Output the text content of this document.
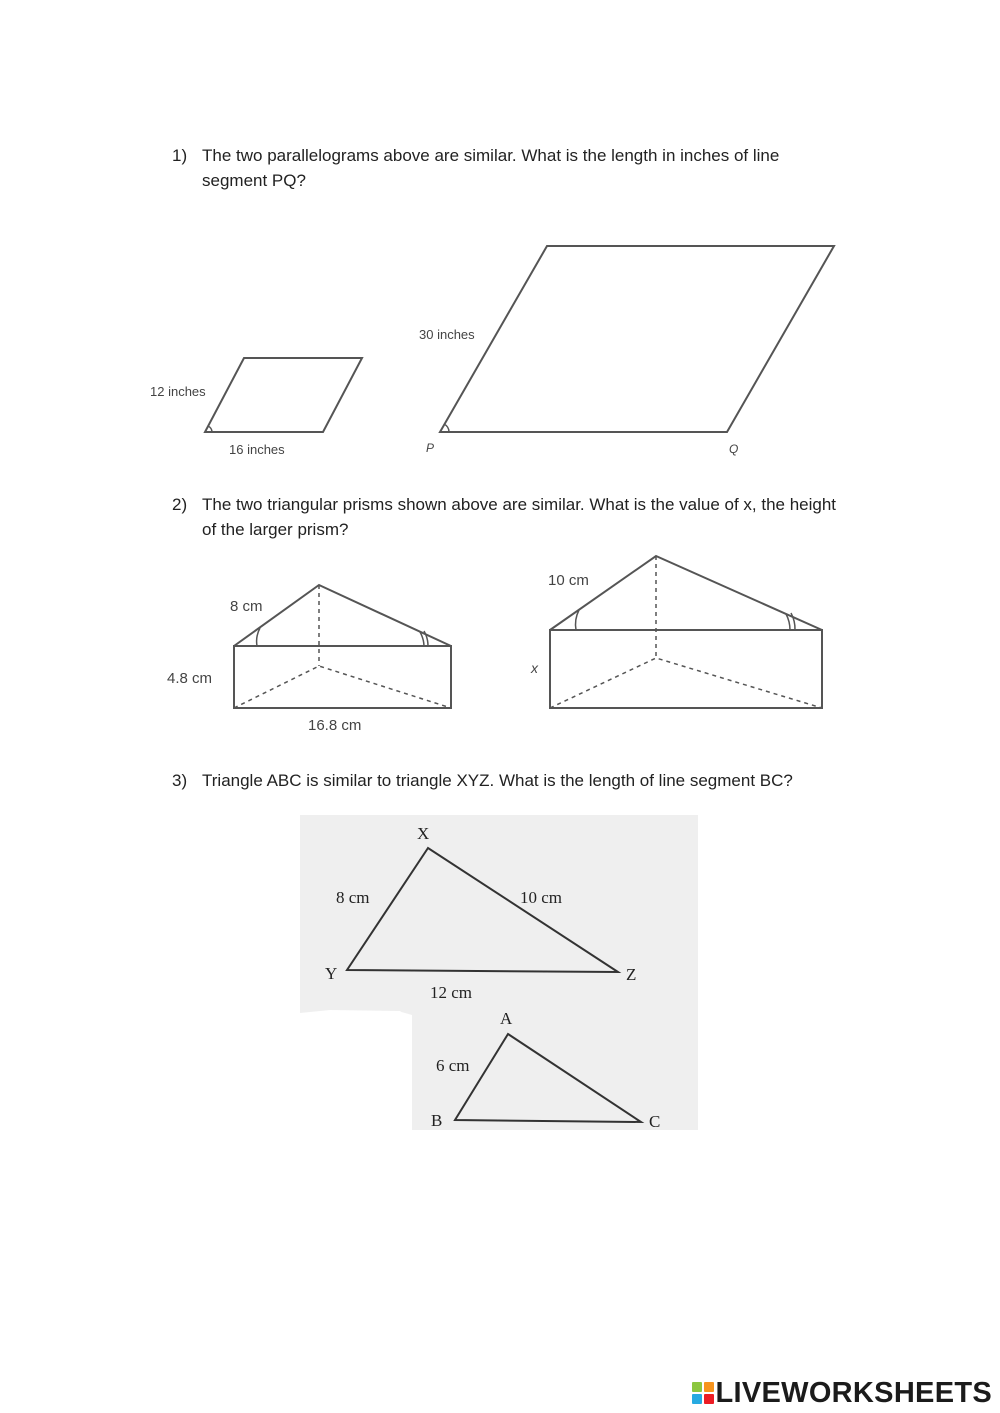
1) The two parallelograms above are similar. What is the length in inches of line segment PQ?
12 inches
16 inches
30 inches
P	Q
2) The two triangular prisms shown above are similar. What is the value of x, the height of the larger prism?
8 cm
4.8 cm
16.8 cm
10 cm
x
3) Triangle ABC is similar to triangle XYZ. What is the length of line segment BC?
X
Y	Z
8 cm	10 cm
12 cm
A
B	C
6 cm
LIVEWORKSHEETS
